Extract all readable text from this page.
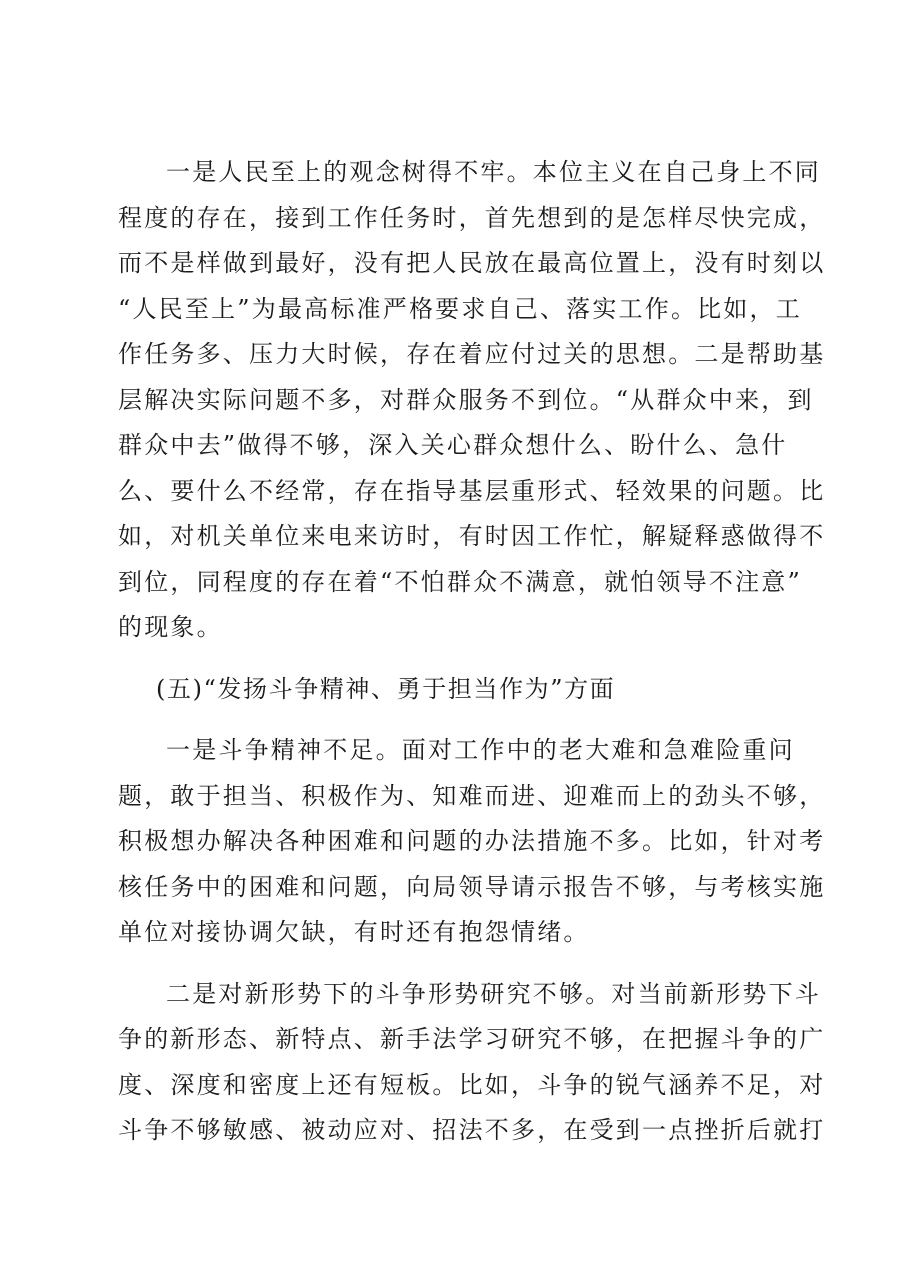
一是人民至上的观念树得不牢。本位主义在自己身上不同
程度的存在，接到工作任务时，首先想到的是怎样尽快完成，
而不是样做到最好，没有把人民放在最高位置上，没有时刻以
“人民至上”为最高标准严格要求自己、落实工作。比如，工
作任务多、压力大时候，存在着应付过关的思想。二是帮助基
层解决实际问题不多，对群众服务不到位。“从群众中来，到
群众中去”做得不够，深入关心群众想什么、盼什么、急什
么、要什么不经常，存在指导基层重形式、轻效果的问题。比
如，对机关单位来电来访时，有时因工作忙，解疑释惑做得不
到位，同程度的存在着“不怕群众不满意，就怕领导不注意”
的现象。

(五)“发扬斗争精神、勇于担当作为”方面

一是斗争精神不足。面对工作中的老大难和急难险重问
题，敢于担当、积极作为、知难而进、迎难而上的劲头不够，
积极想办解决各种困难和问题的办法措施不多。比如，针对考
核任务中的困难和问题，向局领导请示报告不够，与考核实施
单位对接协调欠缺，有时还有抱怨情绪。

二是对新形势下的斗争形势研究不够。对当前新形势下斗
争的新形态、新特点、新手法学习研究不够，在把握斗争的广
度、深度和密度上还有短板。比如，斗争的锐气涵养不足，对
斗争不够敏感、被动应对、招法不多，在受到一点挫折后就打
